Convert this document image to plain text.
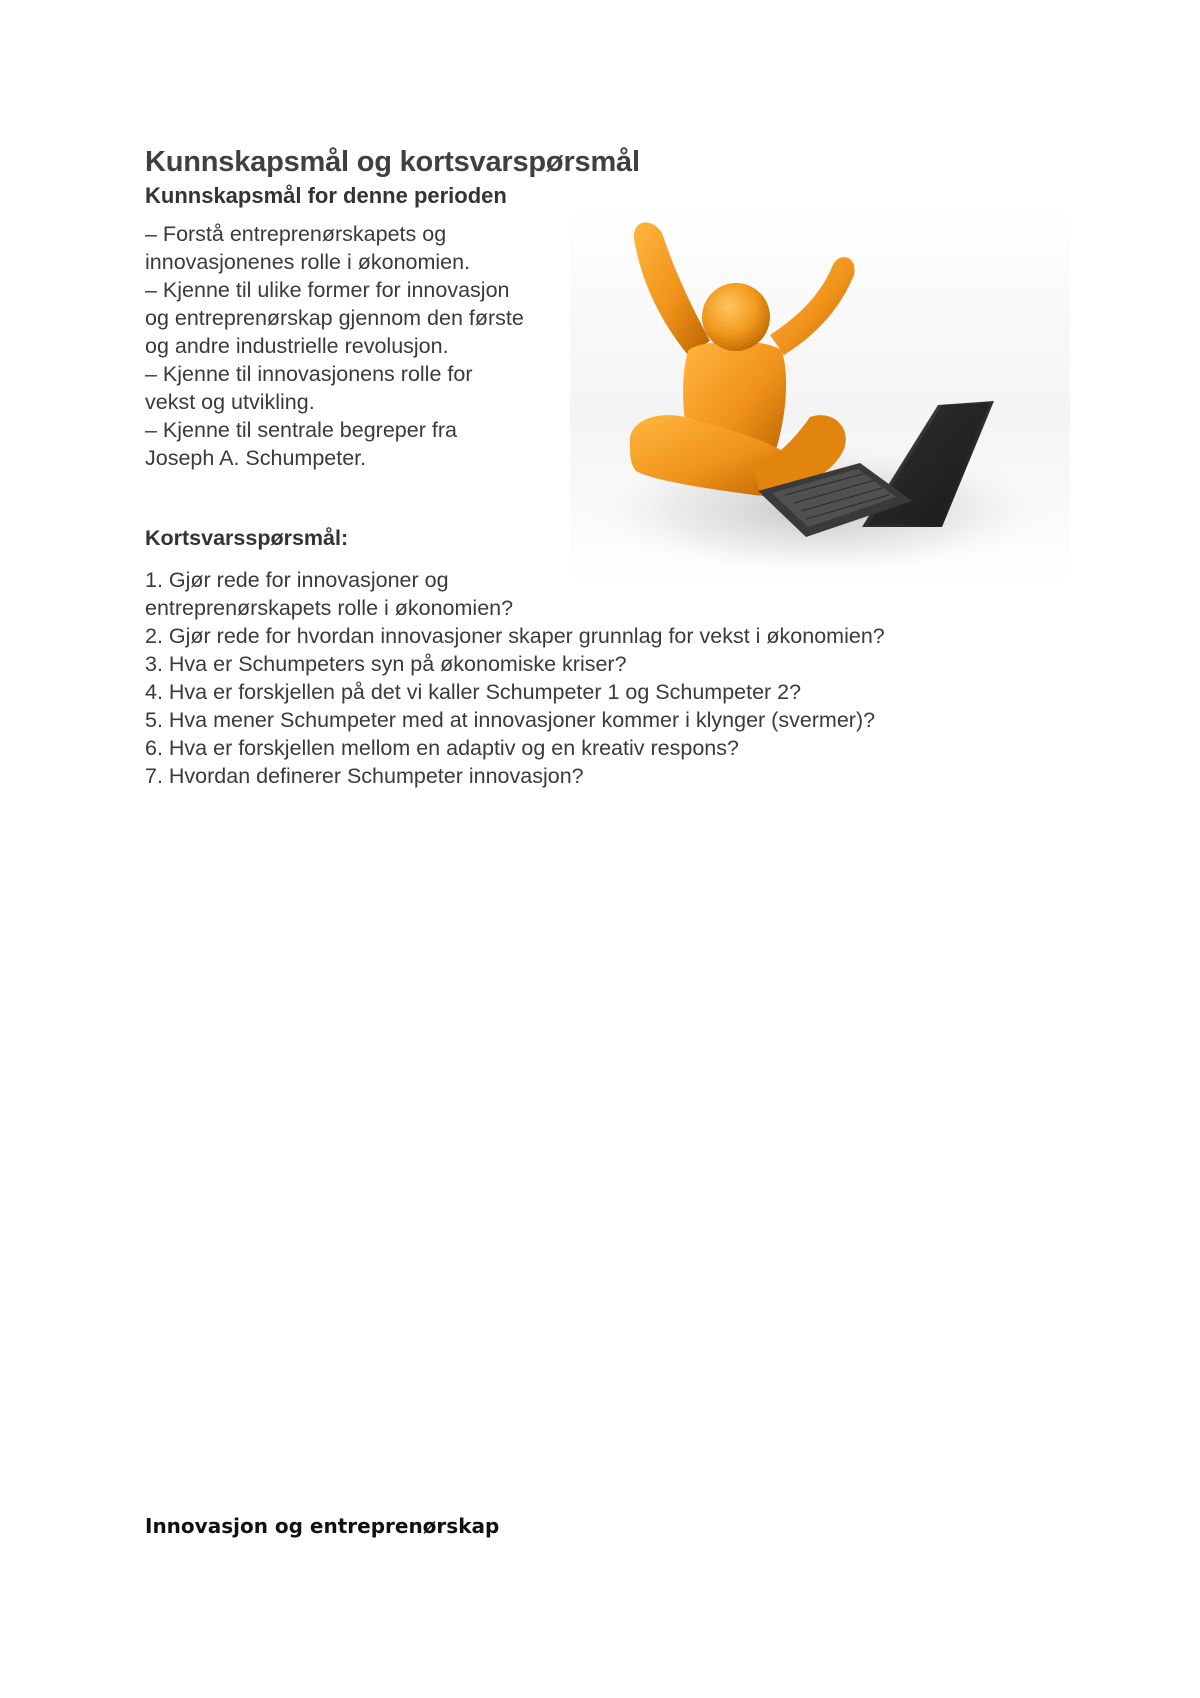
Kunnskapsmål og kortsvarspørsmål
Kunnskapsmål for denne perioden
– Forstå entreprenørskapets og
innovasjonenes rolle i økonomien.
– Kjenne til ulike former for innovasjon
og entreprenørskap gjennom den første
og andre industrielle revolusjon.
– Kjenne til innovasjonens rolle for
vekst og utvikling.
– Kjenne til sentrale begreper fra
Joseph A. Schumpeter.
Kortsvarsspørsmål:
1. Gjør rede for innovasjoner og
entreprenørskapets rolle i økonomien?
2. Gjør rede for hvordan innovasjoner skaper grunnlag for vekst i økonomien?
3. Hva er Schumpeters syn på økonomiske kriser?
4. Hva er forskjellen på det vi kaller Schumpeter 1 og Schumpeter 2?
5. Hva mener Schumpeter med at innovasjoner kommer i klynger (svermer)?
6. Hva er forskjellen mellom en adaptiv og en kreativ respons?
7. Hvordan definerer Schumpeter innovasjon?

Innovasjon og entreprenørskap
